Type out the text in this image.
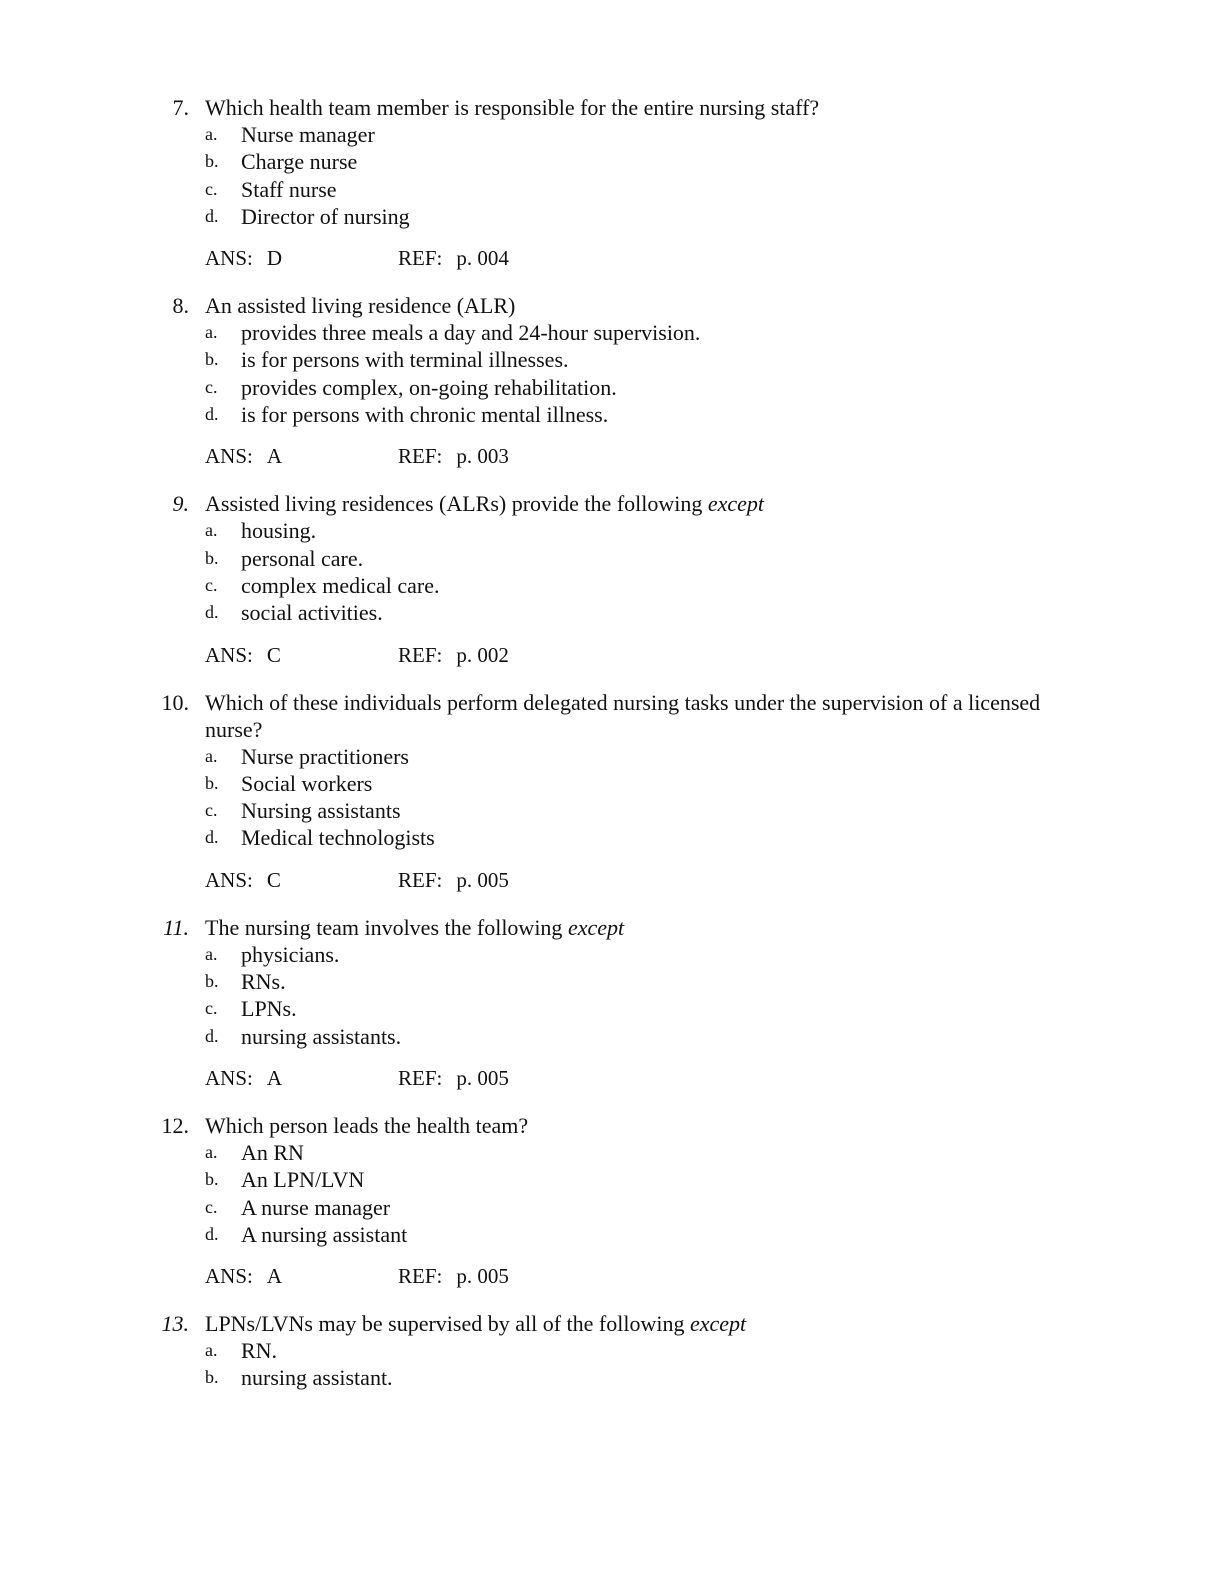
7. Which health team member is responsible for the entire nursing staff?
a. Nurse manager
b. Charge nurse
c. Staff nurse
d. Director of nursing
ANS: D	REF: p. 004
8. An assisted living residence (ALR)
a. provides three meals a day and 24-hour supervision.
b. is for persons with terminal illnesses.
c. provides complex, on-going rehabilitation.
d. is for persons with chronic mental illness.
ANS: A	REF: p. 003
9. Assisted living residences (ALRs) provide the following except
a. housing.
b. personal care.
c. complex medical care.
d. social activities.
ANS: C	REF: p. 002
10. Which of these individuals perform delegated nursing tasks under the supervision of a licensed nurse?
a. Nurse practitioners
b. Social workers
c. Nursing assistants
d. Medical technologists
ANS: C	REF: p. 005
11. The nursing team involves the following except
a. physicians.
b. RNs.
c. LPNs.
d. nursing assistants.
ANS: A	REF: p. 005
12. Which person leads the health team?
a. An RN
b. An LPN/LVN
c. A nurse manager
d. A nursing assistant
ANS: A	REF: p. 005
13. LPNs/LVNs may be supervised by all of the following except
a. RN.
b. nursing assistant.
